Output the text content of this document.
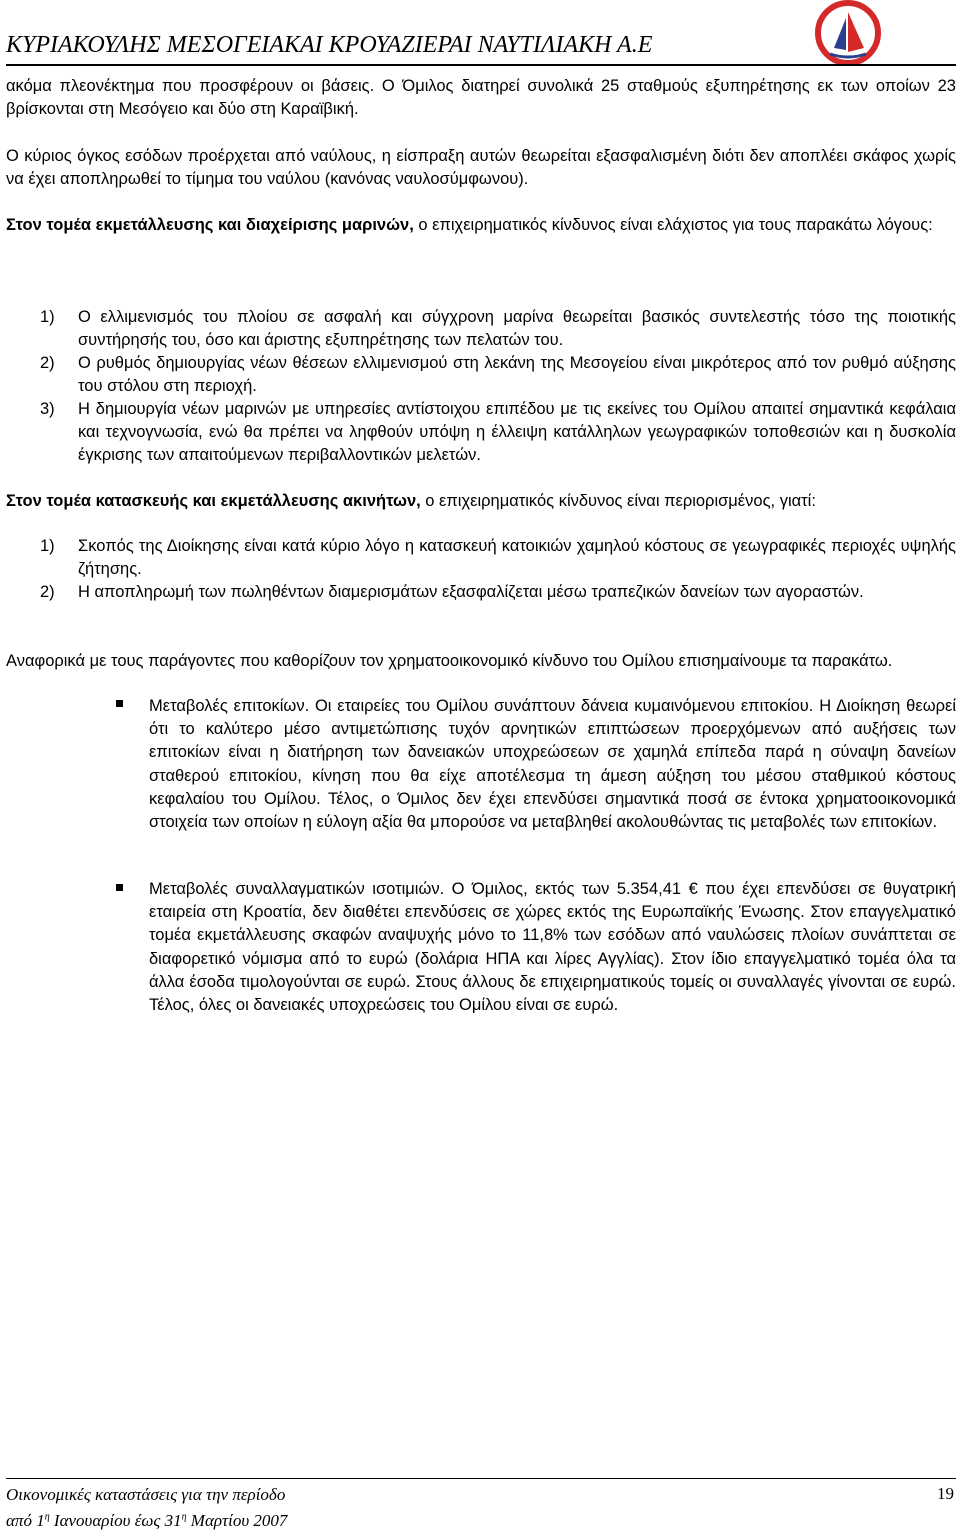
ΚΥΡΙΑΚΟΥΛΗΣ ΜΕΣΟΓΕΙΑΚΑΙ ΚΡΟΥΑΖΙΕΡΑΙ ΝΑΥΤΙΛΙΑΚΗ Α.Ε
ακόμα πλεονέκτημα που προσφέρουν οι βάσεις. Ο Όμιλος διατηρεί συνολικά 25 σταθμούς εξυπηρέτησης εκ των οποίων 23 βρίσκονται στη Μεσόγειο και δύο στη Καραϊβική.
Ο κύριος όγκος εσόδων προέρχεται από ναύλους, η είσπραξη αυτών θεωρείται εξασφαλισμένη διότι δεν αποπλέει σκάφος χωρίς να έχει αποπληρωθεί το τίμημα του ναύλου (κανόνας ναυλοσύμφωνου).
Στον τομέα εκμετάλλευσης και διαχείρισης μαρινών, ο επιχειρηματικός κίνδυνος είναι ελάχιστος για τους παρακάτω λόγους:
1) Ο ελλιμενισμός του πλοίου σε ασφαλή και σύγχρονη μαρίνα θεωρείται βασικός συντελεστής τόσο της ποιοτικής συντήρησής του, όσο και άριστης εξυπηρέτησης των πελατών του.
2) Ο ρυθμός δημιουργίας νέων θέσεων ελλιμενισμού στη λεκάνη της Μεσογείου είναι μικρότερος από τον ρυθμό αύξησης του στόλου στη περιοχή.
3) Η δημιουργία νέων μαρινών με υπηρεσίες αντίστοιχου επιπέδου με τις εκείνες του Ομίλου απαιτεί σημαντικά κεφάλαια και τεχνογνωσία, ενώ θα πρέπει να ληφθούν υπόψη η έλλειψη κατάλληλων γεωγραφικών τοποθεσιών και η δυσκολία έγκρισης των απαιτούμενων περιβαλλοντικών μελετών.
Στον τομέα κατασκευής και εκμετάλλευσης ακινήτων, ο επιχειρηματικός κίνδυνος είναι περιορισμένος, γιατί:
1) Σκοπός της Διοίκησης είναι κατά κύριο λόγο η κατασκευή κατοικιών χαμηλού κόστους σε γεωγραφικές περιοχές υψηλής ζήτησης.
2) Η αποπληρωμή των πωληθέντων διαμερισμάτων εξασφαλίζεται μέσω τραπεζικών δανείων των αγοραστών.
Αναφορικά με τους παράγοντες που καθορίζουν τον χρηματοοικονομικό κίνδυνο του Ομίλου επισημαίνουμε τα παρακάτω.
Μεταβολές επιτοκίων. Οι εταιρείες του Ομίλου συνάπτουν δάνεια κυμαινόμενου επιτοκίου. Η Διοίκηση θεωρεί ότι το καλύτερο μέσο αντιμετώπισης τυχόν αρνητικών επιπτώσεων προερχόμενων από αυξήσεις των επιτοκίων είναι η διατήρηση των δανειακών υποχρεώσεων σε χαμηλά επίπεδα παρά η σύναψη δανείων σταθερού επιτοκίου, κίνηση που θα είχε αποτέλεσμα τη άμεση αύξηση του μέσου σταθμικού κόστους κεφαλαίου του Ομίλου. Τέλος, ο Όμιλος δεν έχει επενδύσει σημαντικά ποσά σε έντοκα χρηματοοικονομικά στοιχεία των οποίων η εύλογη αξία θα μπορούσε να μεταβληθεί ακολουθώντας τις μεταβολές των επιτοκίων.
Μεταβολές συναλλαγματικών ισοτιμιών. Ο Όμιλος, εκτός των 5.354,41 € που έχει επενδύσει σε θυγατρική εταιρεία στη Κροατία, δεν διαθέτει επενδύσεις σε χώρες εκτός της Ευρωπαϊκής Ένωσης. Στον επαγγελματικό τομέα εκμετάλλευσης σκαφών αναψυχής μόνο το 11,8% των εσόδων από ναυλώσεις πλοίων συνάπτεται σε διαφορετικό νόμισμα από το ευρώ (δολάρια ΗΠΑ και λίρες Αγγλίας). Στον ίδιο επαγγελματικό τομέα όλα τα άλλα έσοδα τιμολογούνται σε ευρώ. Στους άλλους δε επιχειρηματικούς τομείς οι συναλλαγές γίνονται σε ευρώ. Τέλος, όλες οι δανειακές υποχρεώσεις του Ομίλου είναι σε ευρώ.
Οικονομικές καταστάσεις για την περίοδο	19
από $1^\eta$ Ιανουαρίου έως $31^\eta$ Μαρτίου 2007
